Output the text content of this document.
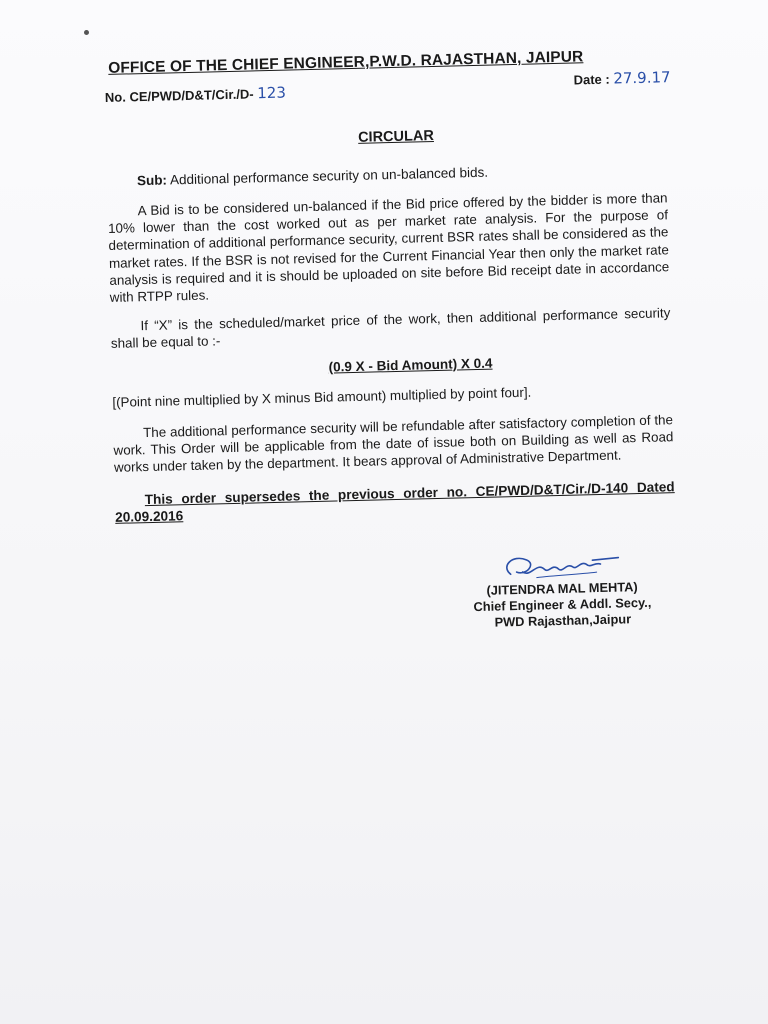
OFFICE OF THE CHIEF ENGINEER,P.W.D. RAJASTHAN, JAIPUR
No. CE/PWD/D&T/Cir./D- 123
Date : 27.9.17
CIRCULAR
Sub: Additional performance security on un-balanced bids.

A Bid is to be considered un-balanced if the Bid price offered by the bidder is more than 10% lower than the cost worked out as per market rate analysis. For the purpose of determination of additional performance security, current BSR rates shall be considered as the market rates. If the BSR is not revised for the Current Financial Year then only the market rate analysis is required and it is should be uploaded on site before Bid receipt date in accordance with RTPP rules.

If “X” is the scheduled/market price of the work, then additional performance security shall be equal to :-

(0.9 X - Bid Amount) X 0.4

[(Point nine multiplied by X minus Bid amount) multiplied by point four].

The additional performance security will be refundable after satisfactory completion of the work. This Order will be applicable from the date of issue both on Building as well as Road works under taken by the department. It bears approval of Administrative Department.

This order supersedes the previous order no. CE/PWD/D&T/Cir./D-140 Dated 20.09.2016

(JITENDRA MAL MEHTA)
Chief Engineer & Addl. Secy.,
PWD Rajasthan,Jaipur
